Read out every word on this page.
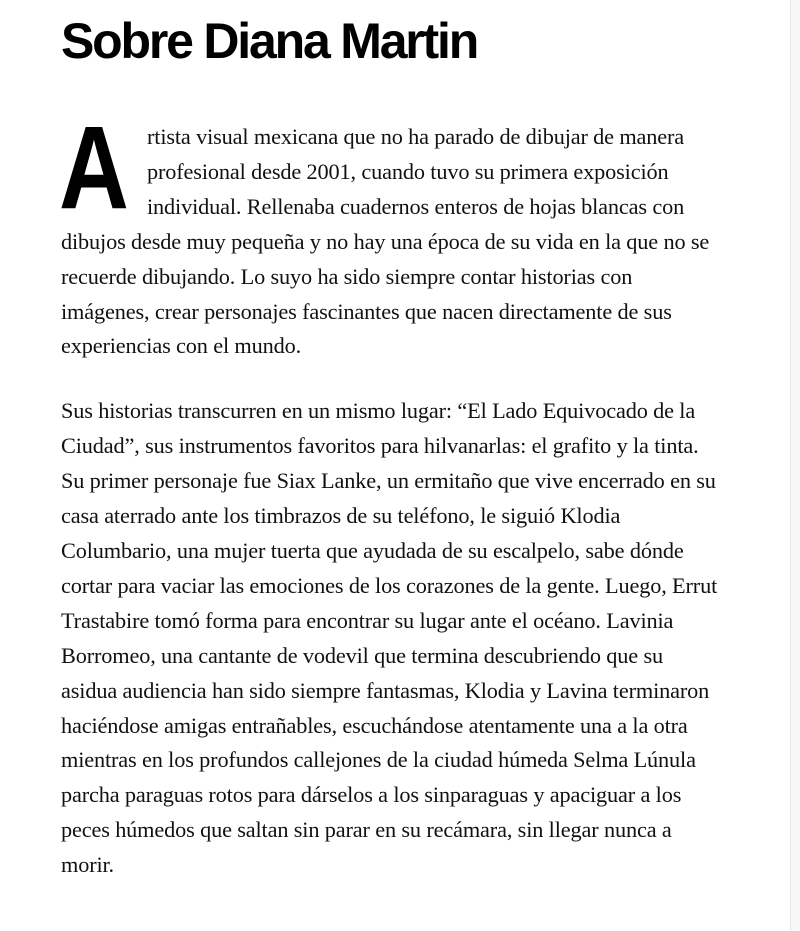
Sobre Diana Martin

Artista visual mexicana que no ha parado de dibujar de manera profesional desde 2001, cuando tuvo su primera exposición individual. Rellenaba cuadernos enteros de hojas blancas con dibujos desde muy pequeña y no hay una época de su vida en la que no se recuerde dibujando. Lo suyo ha sido siempre contar historias con imágenes, crear personajes fascinantes que nacen directamente de sus experiencias con el mundo.

Sus historias transcurren en un mismo lugar: “El Lado Equivocado de la Ciudad”, sus instrumentos favoritos para hilvanarlas: el grafito y la tinta. Su primer personaje fue Siax Lanke, un ermitaño que vive encerrado en su casa aterrado ante los timbrazos de su teléfono, le siguió Klodia Columbario, una mujer tuerta que ayudada de su escalpelo, sabe dónde cortar para vaciar las emociones de los corazones de la gente. Luego, Errut Trastabire tomó forma para encontrar su lugar ante el océano. Lavinia Borromeo, una cantante de vodevil que termina descubriendo que su asidua audiencia han sido siempre fantasmas, Klodia y Lavina terminaron haciéndose amigas entrañables, escuchándose atentamente una a la otra mientras en los profundos callejones de la ciudad húmeda Selma Lúnula parcha paraguas rotos para dárselos a los sinparaguas y apaciguar a los peces húmedos que saltan sin parar en su recámara, sin llegar nunca a morir.
